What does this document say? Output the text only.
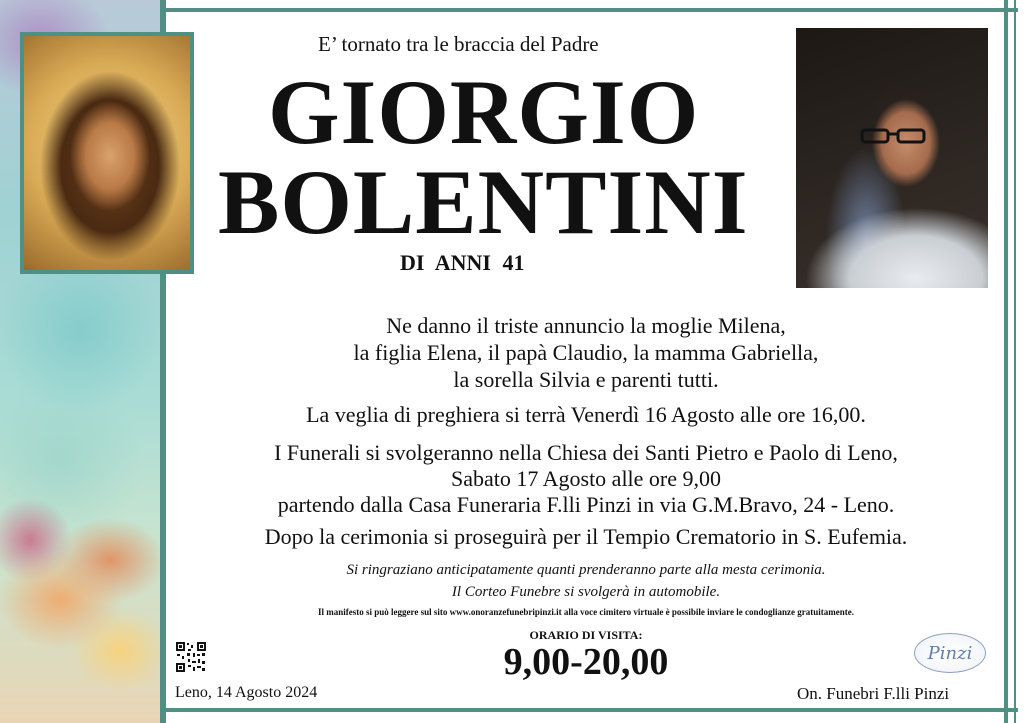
E’ tornato tra le braccia del Padre

GIORGIO

BOLENTINI

DI ANNI 41

Ne danno il triste annuncio la moglie Milena,
la figlia Elena, il papà Claudio, la mamma Gabriella,
la sorella Silvia e parenti tutti.

La veglia di preghiera si terrà Venerdì 16 Agosto alle ore 16,00.

I Funerali si svolgeranno nella Chiesa dei Santi Pietro e Paolo di Leno,
Sabato 17 Agosto alle ore 9,00
partendo dalla Casa Funeraria F.lli Pinzi in via G.M.Bravo, 24 - Leno.

Dopo la cerimonia si proseguirà per il Tempio Crematorio in S. Eufemia.

Si ringraziano anticipatamente quanti prenderanno parte alla mesta cerimonia.

Il Corteo Funebre si svolgerà in automobile.

Il manifesto si può leggere sul sito www.onoranzefunebripinzi.it alla voce cimitero virtuale è possibile inviare le condoglianze gratuitamente.

ORARIO DI VISITA:

9,00-20,00

Leno, 14 Agosto 2024

Pinzi

On. Funebri F.lli Pinzi
